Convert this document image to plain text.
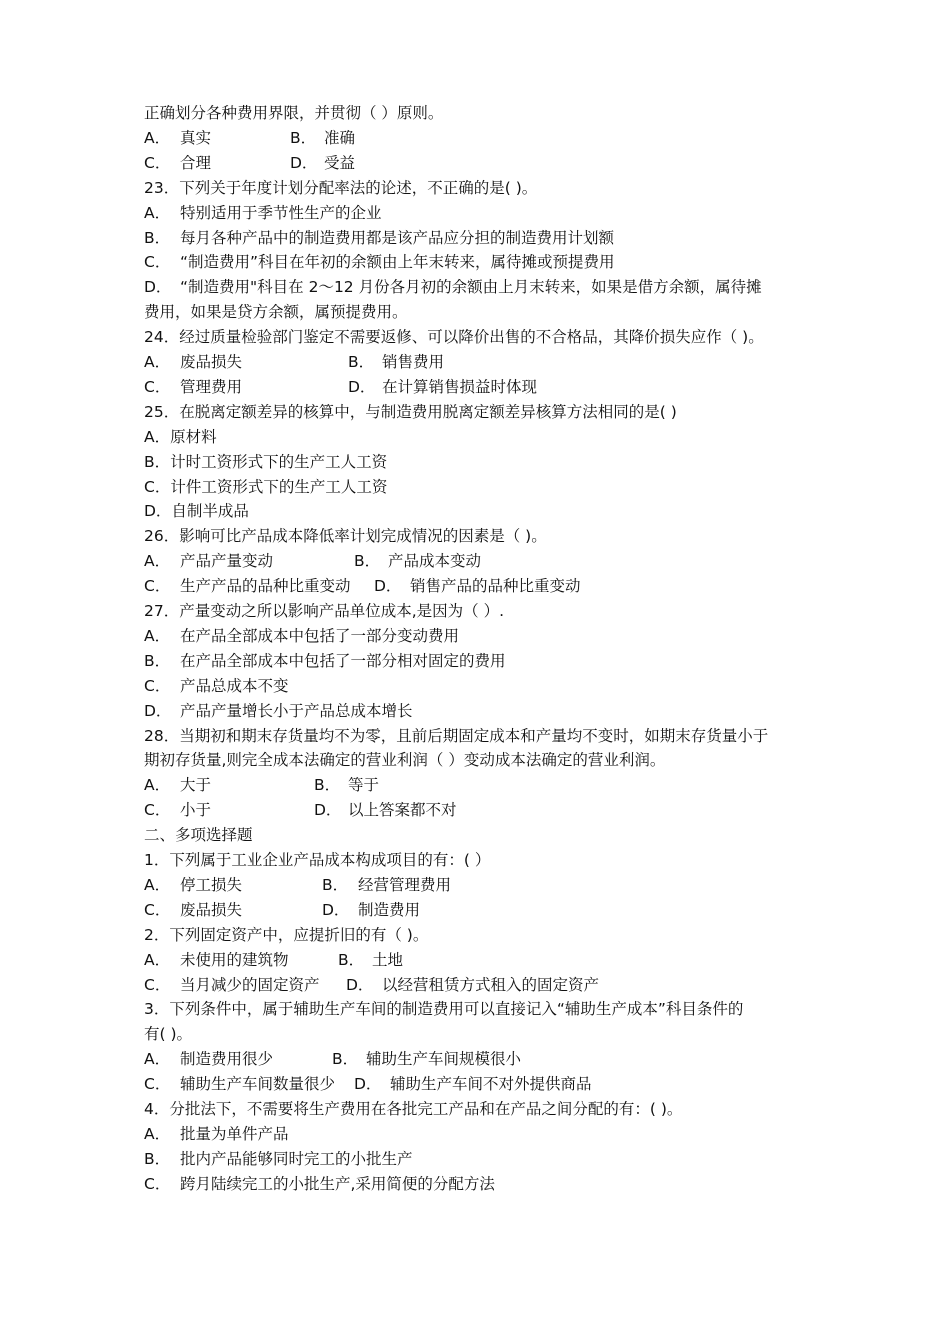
正确划分各种费用界限，并贯彻（ ）原则。
A． 真实	B． 准确
C． 合理	D． 受益
23．下列关于年度计划分配率法的论述，不正确的是( )。
A． 特别适用于季节性生产的企业
B． 每月各种产品中的制造费用都是该产品应分担的制造费用计划额
C． “制造费用”科目在年初的余额由上年末转来，属待摊或预提费用
D． “制造费用"科目在 2～12 月份各月初的余额由上月末转来，如果是借方余额，属待摊
费用，如果是贷方余额，属预提费用。
24．经过质量检验部门鉴定不需要返修、可以降价出售的不合格品，其降价损失应作（ )。
A． 废品损失	B． 销售费用
C． 管理费用	D． 在计算销售损益时体现
25．在脱离定额差异的核算中，与制造费用脱离定额差异核算方法相同的是( )
A．原材料
B．计时工资形式下的生产工人工资
C．计件工资形式下的生产工人工资
D．自制半成品
26．影响可比产品成本降低率计划完成情况的因素是（ )。
A． 产品产量变动	B． 产品成本变动
C． 生产产品的品种比重变动 D． 销售产品的品种比重变动
27．产量变动之所以影响产品单位成本,是因为（ ）.
A． 在产品全部成本中包括了一部分变动费用
B． 在产品全部成本中包括了一部分相对固定的费用
C． 产品总成本不变
D． 产品产量增长小于产品总成本增长
28．当期初和期末存货量均不为零，且前后期固定成本和产量均不变时，如期末存货量小于
期初存货量,则完全成本法确定的营业利润（ ）变动成本法确定的营业利润。
A． 大于	B． 等于
C． 小于	D． 以上答案都不对
二、多项选择题
1．下列属于工业企业产品成本构成项目的有：( ）
A． 停工损失	B． 经营管理费用
C． 废品损失	D． 制造费用
2．下列固定资产中，应提折旧的有（ )。
A． 未使用的建筑物	B． 土地
C． 当月减少的固定资产 D． 以经营租赁方式租入的固定资产
3．下列条件中，属于辅助生产车间的制造费用可以直接记入“辅助生产成本”科目条件的
有( )。
A． 制造费用很少	B． 辅助生产车间规模很小
C． 辅助生产车间数量很少 D． 辅助生产车间不对外提供商品
4．分批法下，不需要将生产费用在各批完工产品和在产品之间分配的有：( )。
A． 批量为单件产品
B． 批内产品能够同时完工的小批生产
C． 跨月陆续完工的小批生产,采用简便的分配方法
